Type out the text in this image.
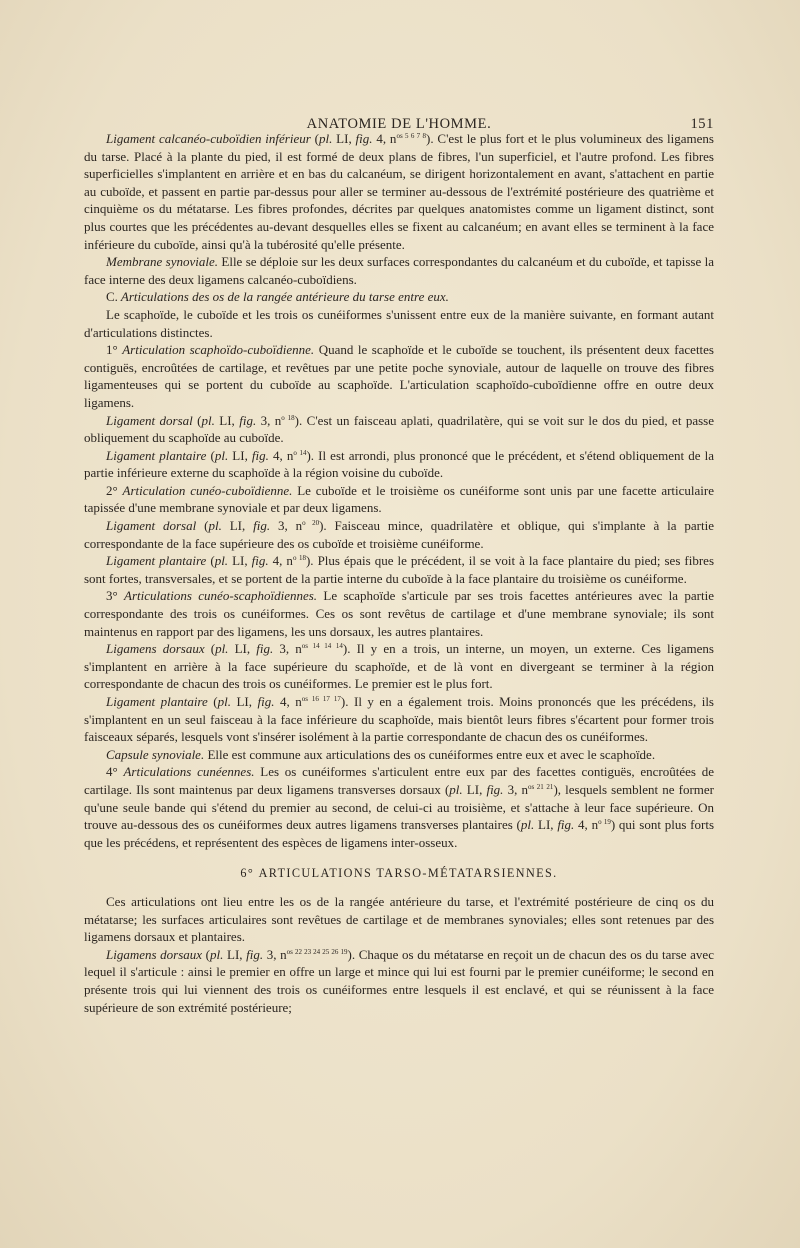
ANATOMIE DE L'HOMME.	151

Ligament calcanéo-cuboïdien inférieur (pl. LI, fig. 4, $n^{os 5 6 7 8}$). C'est le plus fort et le plus volumineux des ligamens du tarse. Placé à la plante du pied, il est formé de deux plans de fibres, l'un superficiel, et l'autre profond. Les fibres superficielles s'implantent en arrière et en bas du calcanéum, se dirigent horizontalement en avant, s'attachent en partie au cuboïde, et passent en partie par-dessus pour aller se terminer au-dessous de l'extrémité postérieure des quatrième et cinquième os du métatarse. Les fibres profondes, décrites par quelques anatomistes comme un ligament distinct, sont plus courtes que les précédentes au-devant desquelles elles se fixent au calcanéum; en avant elles se terminent à la face inférieure du cuboïde, ainsi qu'à la tubérosité qu'elle présente.

Membrane synoviale. Elle se déploie sur les deux surfaces correspondantes du calcanéum et du cuboïde, et tapisse la face interne des deux ligamens calcanéo-cuboïdiens.

C. Articulations des os de la rangée antérieure du tarse entre eux.

Le scaphoïde, le cuboïde et les trois os cunéiformes s'unissent entre eux de la manière suivante, en formant autant d'articulations distinctes.

1° Articulation scaphoïdo-cuboïdienne. Quand le scaphoïde et le cuboïde se touchent, ils présentent deux facettes contiguës, encroûtées de cartilage, et revêtues par une petite poche synoviale, autour de laquelle on trouve des fibres ligamenteuses qui se portent du cuboïde au scaphoïde. L'articulation scaphoïdo-cuboïdienne offre en outre deux ligamens.

Ligament dorsal (pl. LI, fig. 3, $n^{o 18}$). C'est un faisceau aplati, quadrilatère, qui se voit sur le dos du pied, et passe obliquement du scaphoïde au cuboïde.

Ligament plantaire (pl. LI, fig. 4, $n^{o 14}$). Il est arrondi, plus prononcé que le précédent, et s'étend obliquement de la partie inférieure externe du scaphoïde à la région voisine du cuboïde.

2° Articulation cunéo-cuboïdienne. Le cuboïde et le troisième os cunéiforme sont unis par une facette articulaire tapissée d'une membrane synoviale et par deux ligamens.

Ligament dorsal (pl. LI, fig. 3, $n^{o 20}$). Faisceau mince, quadrilatère et oblique, qui s'implante à la partie correspondante de la face supérieure des os cuboïde et troisième cunéiforme.

Ligament plantaire (pl. LI, fig. 4, $n^{o 18}$). Plus épais que le précédent, il se voit à la face plantaire du pied; ses fibres sont fortes, transversales, et se portent de la partie interne du cuboïde à la face plantaire du troisième os cunéiforme.

3° Articulations cunéo-scaphoïdiennes. Le scaphoïde s'articule par ses trois facettes antérieures avec la partie correspondante des trois os cunéiformes. Ces os sont revêtus de cartilage et d'une membrane synoviale; ils sont maintenus en rapport par des ligamens, les uns dorsaux, les autres plantaires.

Ligamens dorsaux (pl. LI, fig. 3, $n^{os 14 14 14}$). Il y en a trois, un interne, un moyen, un externe. Ces ligamens s'implantent en arrière à la face supérieure du scaphoïde, et de là vont en divergeant se terminer à la région correspondante de chacun des trois os cunéiformes. Le premier est le plus fort.

Ligament plantaire (pl. LI, fig. 4, $n^{os 16 17 17}$). Il y en a également trois. Moins prononcés que les précédens, ils s'implantent en un seul faisceau à la face inférieure du scaphoïde, mais bientôt leurs fibres s'écartent pour former trois faisceaux séparés, lesquels vont s'insérer isolément à la partie correspondante de chacun des os cunéiformes.

Capsule synoviale. Elle est commune aux articulations des os cunéiformes entre eux et avec le scaphoïde.

4° Articulations cunéennes. Les os cunéiformes s'articulent entre eux par des facettes contiguës, encroûtées de cartilage. Ils sont maintenus par deux ligamens transverses dorsaux (pl. LI, fig. 3, $n^{os 21 21}$), lesquels semblent ne former qu'une seule bande qui s'étend du premier au second, de celui-ci au troisième, et s'attache à leur face supérieure. On trouve au-dessous des os cunéiformes deux autres ligamens transverses plantaires (pl. LI, fig. 4, $n^{o 19}$) qui sont plus forts que les précédens, et représentent des espèces de ligamens inter-osseux.

6° ARTICULATIONS TARSO-MÉTATARSIENNES.

Ces articulations ont lieu entre les os de la rangée antérieure du tarse, et l'extrémité postérieure de cinq os du métatarse; les surfaces articulaires sont revêtues de cartilage et de membranes synoviales; elles sont retenues par des ligamens dorsaux et plantaires.

Ligamens dorsaux (pl. LI, fig. 3, $n^{os 22 23 24 25 26 19}$). Chaque os du métatarse en reçoit un de chacun des os du tarse avec lequel il s'articule : ainsi le premier en offre un large et mince qui lui est fourni par le premier cunéiforme; le second en présente trois qui lui viennent des trois os cunéiformes entre lesquels il est enclavé, et qui se réunissent à la face supérieure de son extrémité postérieure;
